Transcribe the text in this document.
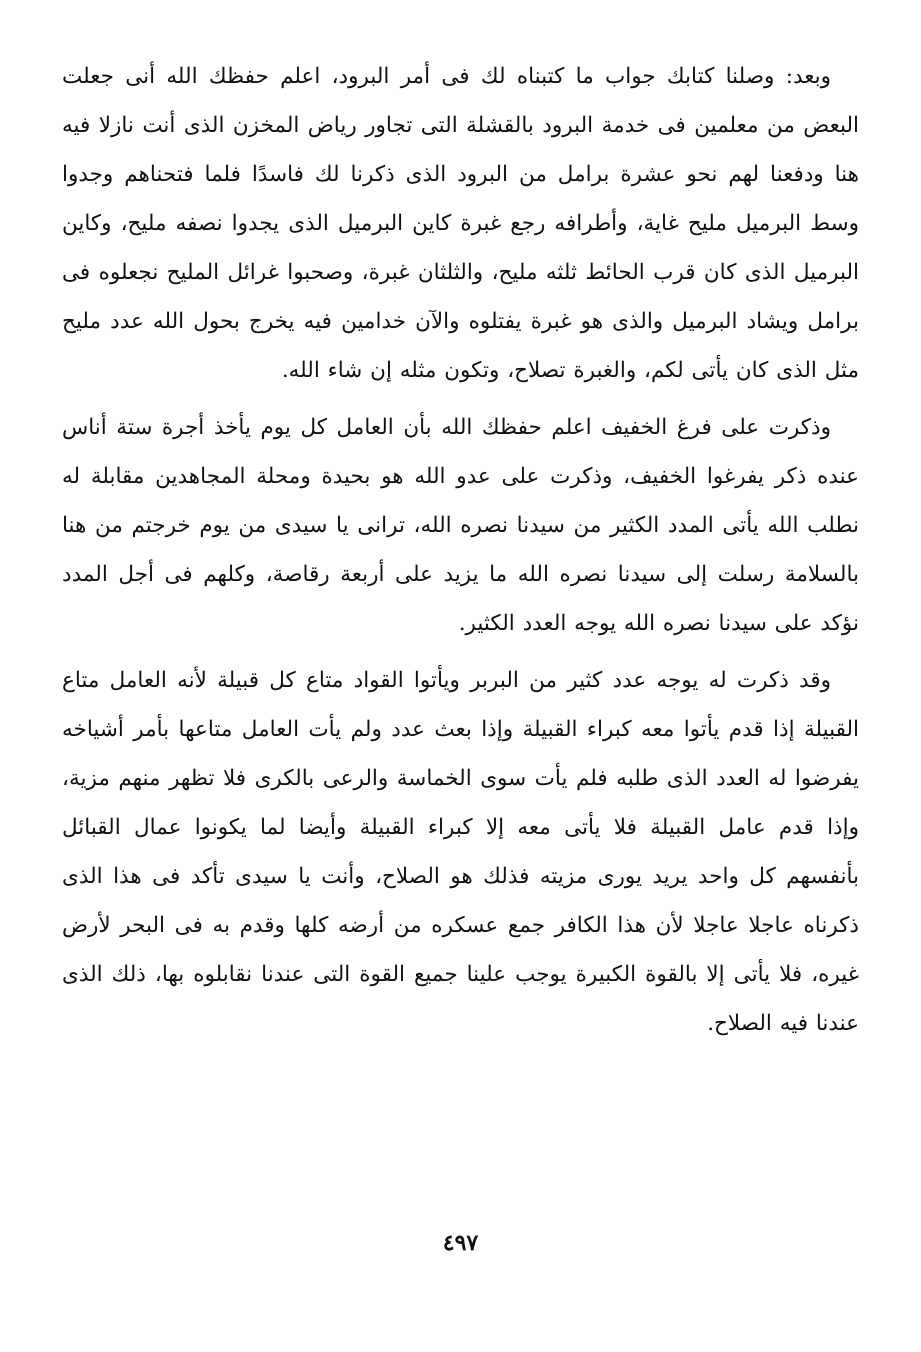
وبعد: وصلنا كتابك جواب ما كتبناه لك فى أمر البرود، اعلم حفظك الله أنى جعلت البعض من معلمين فى خدمة البرود بالقشلة التى تجاور رياض المخزن الذى أنت نازلا فيه هنا ودفعنا لهم نحو عشرة برامل من البرود الذى ذكرنا لك فاسدًا فلما فتحناهم وجدوا وسط البرميل مليح غاية، وأطرافه رجع غبرة كاين البرميل الذى يجدوا نصفه مليح، وكاين البرميل الذى كان قرب الحائط ثلثه مليح، والثلثان غبرة، وصحبوا غرائل المليح نجعلوه فى برامل ويشاد البرميل والذى هو غبرة يفتلوه والآن خدامين فيه يخرج بحول الله عدد مليح مثل الذى كان يأتى لكم، والغبرة تصلاح، وتكون مثله إن شاء الله.

وذكرت على فرغ الخفيف اعلم حفظك الله بأن العامل كل يوم يأخذ أجرة ستة أناس عنده ذكر يفرغوا الخفيف، وذكرت على عدو الله هو بحيدة ومحلة المجاهدين مقابلة له نطلب الله يأتى المدد الكثير من سيدنا نصره الله، ترانى يا سيدى من يوم خرجتم من هنا بالسلامة رسلت إلى سيدنا نصره الله ما يزيد على أربعة رقاصة، وكلهم فى أجل المدد نؤكد على سيدنا نصره الله يوجه العدد الكثير.

وقد ذكرت له يوجه عدد كثير من البربر ويأتوا القواد متاع كل قبيلة لأنه العامل متاع القبيلة إذا قدم يأتوا معه كبراء القبيلة وإذا بعث عدد ولم يأت العامل متاعها بأمر أشياخه يفرضوا له العدد الذى طلبه فلم يأت سوى الخماسة والرعى بالكرى فلا تظهر منهم مزية، وإذا قدم عامل القبيلة فلا يأتى معه إلا كبراء القبيلة وأيضا لما يكونوا عمال القبائل بأنفسهم كل واحد يريد يورى مزيته فذلك هو الصلاح، وأنت يا سيدى تأكد فى هذا الذى ذكرناه عاجلا عاجلا لأن هذا الكافر جمع عسكره من أرضه كلها وقدم به فى البحر لأرض غيره، فلا يأتى إلا بالقوة الكبيرة يوجب علينا جميع القوة التى عندنا نقابلوه بها، ذلك الذى عندنا فيه الصلاح.

٤٩٧
